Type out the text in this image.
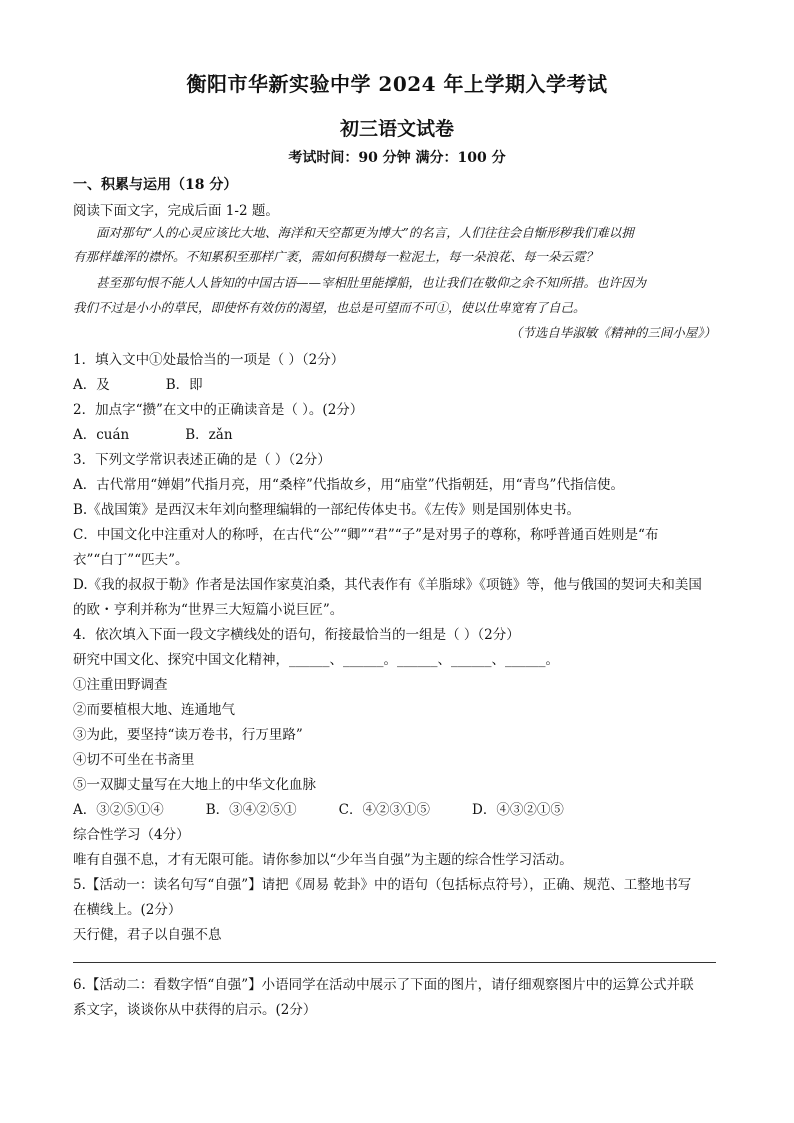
衡阳市华新实验中学 2024 年上学期入学考试
初三语文试卷
考试时间：90 分钟 满分：100 分
一、积累与运用（18 分）
阅读下面文字，完成后面 1-2 题。
面对那句“人的心灵应该比大地、海洋和天空都更为博大”的名言，人们往往会自惭形秽我们难以拥
有那样雄浑的襟怀。不知累积至那样广袤，需如何积攒每一粒泥土，每一朵浪花、每一朵云霓？
甚至那句恨不能人人皆知的中国古语——宰相肚里能撑船，也让我们在敬仰之余不知所措。也许因为
我们不过是小小的草民，即使怀有效仿的渴望，也总是可望而不可①，使以仕卑宽宥了自己。
（节选自毕淑敏《精神的三间小屋》）
1．填入文中①处最恰当的一项是（ ）（2分）
A．及	B．即
2．加点字“攒”在文中的正确读音是（ ）。(2分）
A．cuán	B．zǎn
3．下列文学常识表述正确的是（ ）（2分）
A．古代常用“婵娟”代指月亮，用“桑梓”代指故乡，用“庙堂”代指朝廷，用“青鸟”代指信使。
B.《战国策》是西汉末年刘向整理编辑的一部纪传体史书。《左传》则是国别体史书。
C．中国文化中注重对人的称呼，在古代“公”“卿”“君”“子”是对男子的尊称，称呼普通百姓则是“布
衣”“白丁”“匹夫”。
D.《我的叔叔于勒》作者是法国作家莫泊桑，其代表作有《羊脂球》《项链》等，他与俄国的契诃夫和美国
的欧・亨利并称为“世界三大短篇小说巨匠”。
4．依次填入下面一段文字横线处的语句，衔接最恰当的一组是（ ）（2分）
研究中国文化、探究中国文化精神，______、______。______、______、______。
①注重田野调查
②而要植根大地、连通地气
③为此，要坚持“读万卷书，行万里路”
④切不可坐在书斋里
⑤一双脚丈量写在大地上的中华文化血脉
A．③②⑤①④	B．③④②⑤①	C．④②③①⑤	D．④③②①⑤
综合性学习（4分）
唯有自强不息，才有无限可能。请你参加以“少年当自强”为主题的综合性学习活动。
5.【活动一：读名句写“自强”】请把《周易 乾卦》中的语句（包括标点符号），正确、规范、工整地书写
在横线上。(2分）
天行健，君子以自强不息
6.【活动二：看数字悟“自强”】小语同学在活动中展示了下面的图片，请仔细观察图片中的运算公式并联
系文字，谈谈你从中获得的启示。(2分）
